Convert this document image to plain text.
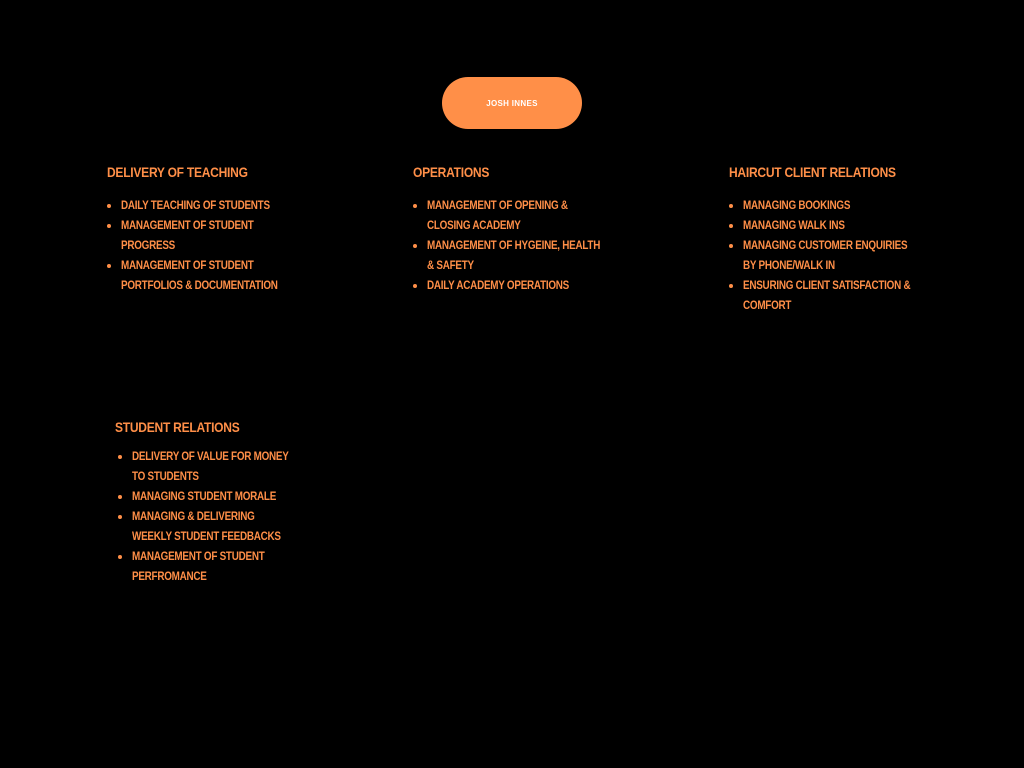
JOSH INNES
DELIVERY OF TEACHING
DAILY TEACHING OF STUDENTS
MANAGEMENT OF STUDENT PROGRESS
MANAGEMENT OF STUDENT PORTFOLIOS & DOCUMENTATION
OPERATIONS
MANAGEMENT OF OPENING & CLOSING ACADEMY
MANAGEMENT OF HYGEINE, HEALTH & SAFETY
DAILY ACADEMY OPERATIONS
HAIRCUT CLIENT RELATIONS
MANAGING BOOKINGS
MANAGING WALK INS
MANAGING CUSTOMER ENQUIRIES BY PHONE/WALK IN
ENSURING CLIENT SATISFACTION & COMFORT
STUDENT RELATIONS
DELIVERY OF VALUE FOR MONEY TO STUDENTS
MANAGING STUDENT MORALE
MANAGING & DELIVERING WEEKLY STUDENT FEEDBACKS
MANAGEMENT OF STUDENT PERFROMANCE
